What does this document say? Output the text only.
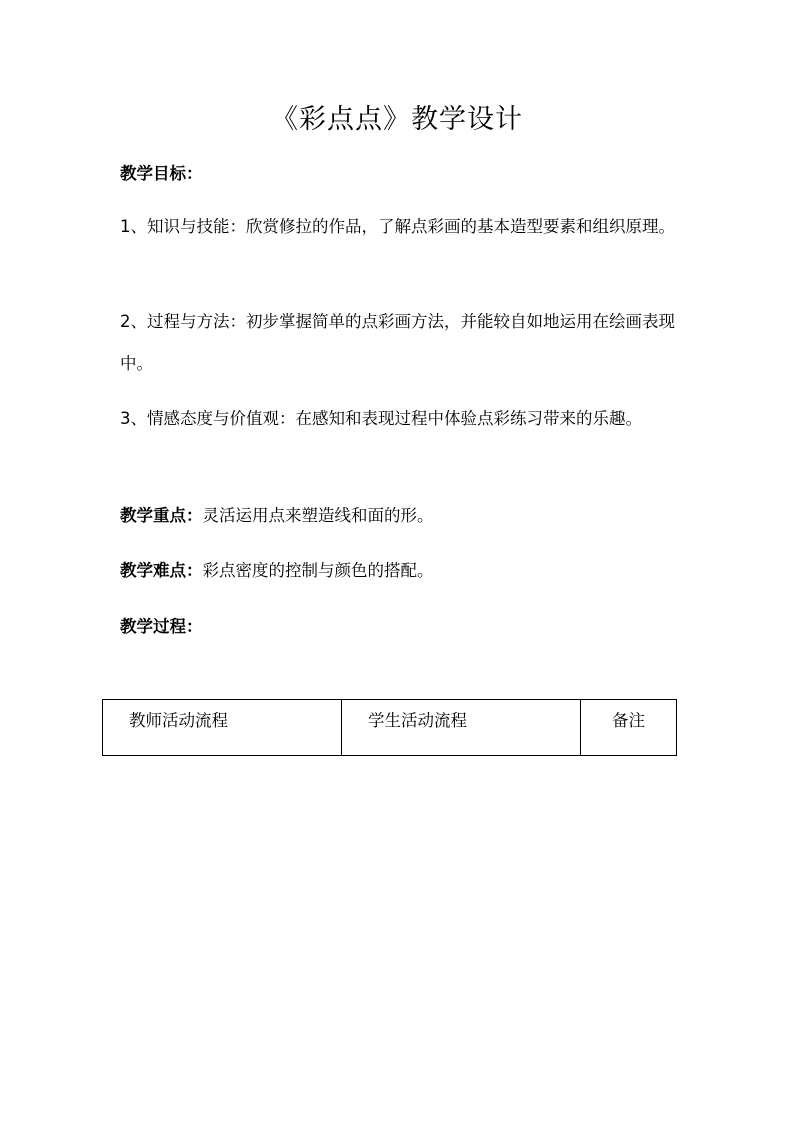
《彩点点》教学设计
教学目标：
1、知识与技能：欣赏修拉的作品，了解点彩画的基本造型要素和组织原理。
2、过程与方法：初步掌握简单的点彩画方法，并能较自如地运用在绘画表现中。
3、情感态度与价值观：在感知和表现过程中体验点彩练习带来的乐趣。
教学重点：灵活运用点来塑造线和面的形。
教学难点：彩点密度的控制与颜色的搭配。
教学过程：
教师活动流程	学生活动流程	备注
